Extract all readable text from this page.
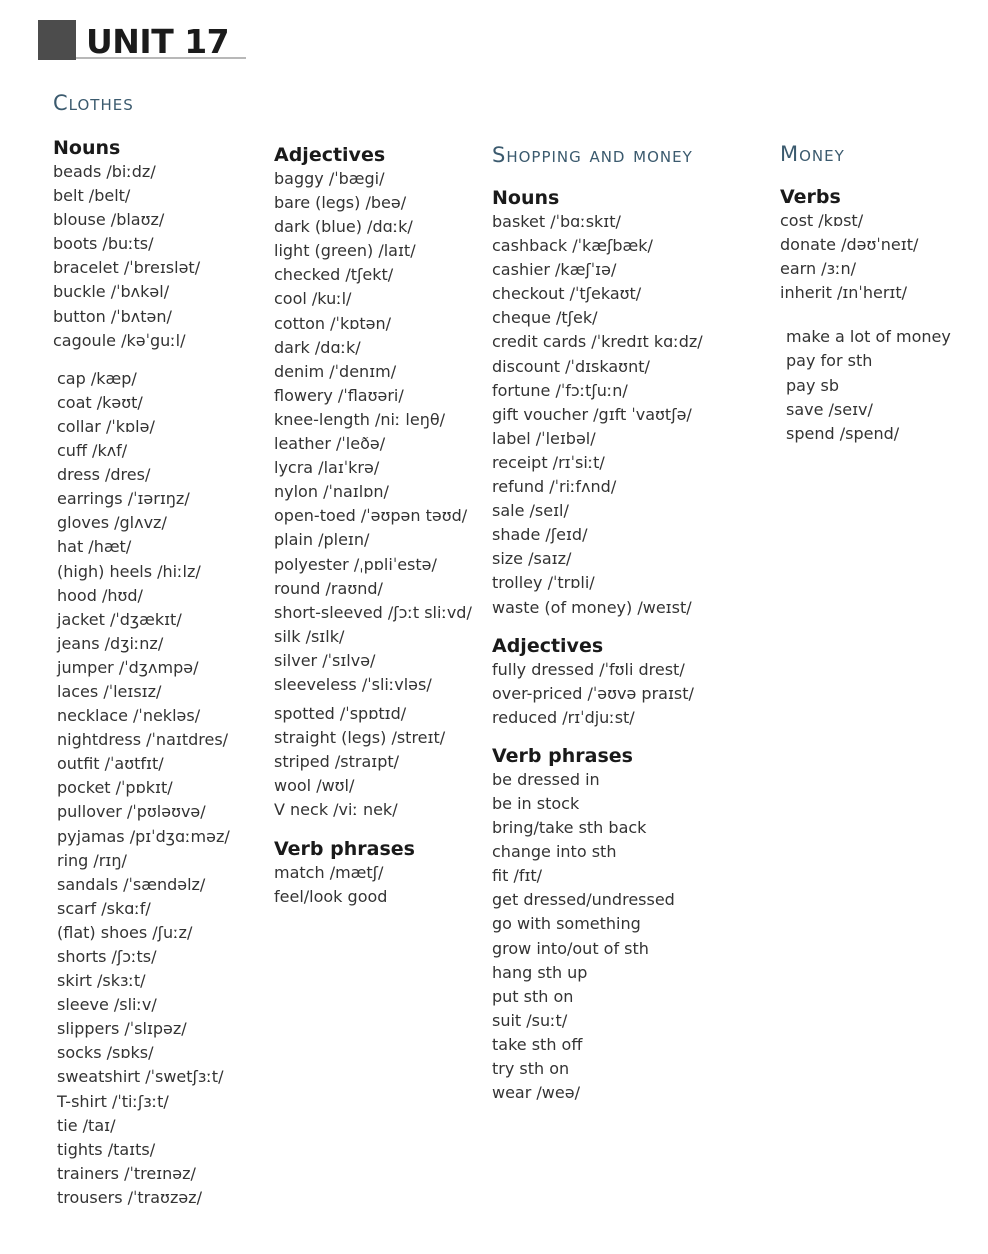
UNIT 17
Clothes
Nouns
beads /biːdz/
belt /belt/
blouse /blaʊz/
boots /buːts/
bracelet /ˈbreɪslət/
buckle /ˈbʌkəl/
button /ˈbʌtən/
cagoule /kəˈguːl/
cap /kæp/
coat /kəʊt/
collar /ˈkɒlə/
cuff /kʌf/
dress /dres/
earrings /ˈɪərɪŋz/
gloves /glʌvz/
hat /hæt/
(high) heels /hiːlz/
hood /hʊd/
jacket /ˈdʒækɪt/
jeans /dʒiːnz/
jumper /ˈdʒʌmpə/
laces /ˈleɪsɪz/
necklace /ˈnekləs/
nightdress /ˈnaɪtdres/
outfit /ˈaʊtfɪt/
pocket /ˈpɒkɪt/
pullover /ˈpʊləʊvə/
pyjamas /pɪˈdʒɑːməz/
ring /rɪŋ/
sandals /ˈsændəlz/
scarf /skɑːf/
(flat) shoes /ʃuːz/
shorts /ʃɔːts/
skirt /skɜːt/
sleeve /sliːv/
slippers /ˈslɪpəz/
socks /sɒks/
sweatshirt /ˈswetʃɜːt/
T-shirt /ˈtiːʃɜːt/
tie /taɪ/
tights /taɪts/
trainers /ˈtreɪnəz/
trousers /ˈtraʊzəz/
Adjectives
baggy /ˈbægi/
bare (legs) /beə/
dark (blue) /dɑːk/
light (green) /laɪt/
checked /tʃekt/
cool /kuːl/
cotton /ˈkɒtən/
dark /dɑːk/
denim /ˈdenɪm/
flowery /ˈflaʊəri/
knee-length /niː leŋθ/
leather /ˈleðə/
lycra /laɪˈkrə/
nylon /ˈnaɪlɒn/
open-toed /ˈəʊpən təʊd/
plain /pleɪn/
polyester /ˌpɒliˈestə/
round /raʊnd/
short-sleeved /ʃɔːt sliːvd/
silk /sɪlk/
silver /ˈsɪlvə/
sleeveless /ˈsliːvləs/
spotted /ˈspɒtɪd/
straight (legs) /streɪt/
striped /straɪpt/
wool /wʊl/
V neck /viː nek/
Verb phrases
match /mætʃ/
feel/look good
Shopping and money
Nouns
basket /ˈbɑːskɪt/
cashback /ˈkæʃbæk/
cashier /kæʃˈɪə/
checkout /ˈtʃekaʊt/
cheque /tʃek/
credit cards /ˈkredɪt kɑːdz/
discount /ˈdɪskaʊnt/
fortune /ˈfɔːtʃuːn/
gift voucher /gɪft ˈvaʊtʃə/
label /ˈleɪbəl/
receipt /rɪˈsiːt/
refund /ˈriːfʌnd/
sale /seɪl/
shade /ʃeɪd/
size /saɪz/
trolley /ˈtrɒli/
waste (of money) /weɪst/
Adjectives
fully dressed /ˈfʊli drest/
over-priced /ˈəʊvə praɪst/
reduced /rɪˈdjuːst/
Verb phrases
be dressed in
be in stock
bring/take sth back
change into sth
fit /fɪt/
get dressed/undressed
go with something
grow into/out of sth
hang sth up
put sth on
suit /suːt/
take sth off
try sth on
wear /weə/
Money
Verbs
cost /kɒst/
donate /dəʊˈneɪt/
earn /ɜːn/
inherit /ɪnˈherɪt/
make a lot of money
pay for sth
pay sb
save /seɪv/
spend /spend/
